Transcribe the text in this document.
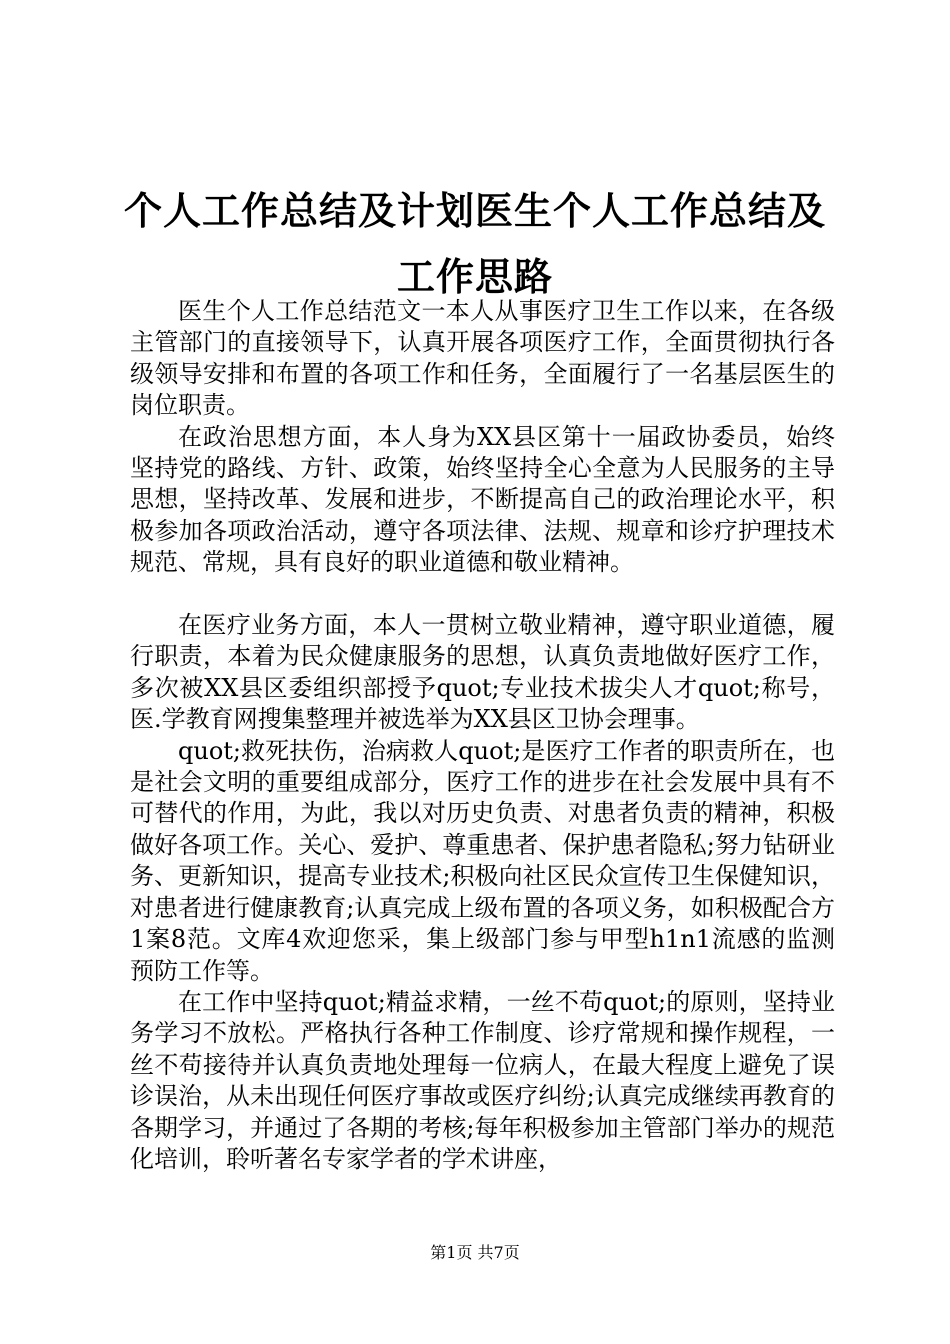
个人工作总结及计划医生个人工作总结及工作思路

医生个人工作总结范文一本人从事医疗卫生工作以来，在各级主管部门的直接领导下，认真开展各项医疗工作，全面贯彻执行各级领导安排和布置的各项工作和任务，全面履行了一名基层医生的岗位职责。

在政治思想方面，本人身为XX县区第十一届政协委员，始终坚持党的路线、方针、政策，始终坚持全心全意为人民服务的主导思想，坚持改革、发展和进步，不断提高自己的政治理论水平，积极参加各项政治活动，遵守各项法律、法规、规章和诊疗护理技术规范、常规，具有良好的职业道德和敬业精神。

在医疗业务方面，本人一贯树立敬业精神，遵守职业道德，履行职责，本着为民众健康服务的思想，认真负责地做好医疗工作，多次被XX县区委组织部授予quot;专业技术拔尖人才quot;称号，医.学教育网搜集整理并被选举为XX县区卫协会理事。

quot;救死扶伤，治病救人quot;是医疗工作者的职责所在，也是社会文明的重要组成部分，医疗工作的进步在社会发展中具有不可替代的作用，为此，我以对历史负责、对患者负责的精神，积极做好各项工作。关心、爱护、尊重患者、保护患者隐私;努力钻研业务、更新知识，提高专业技术;积极向社区民众宣传卫生保健知识，对患者进行健康教育;认真完成上级布置的各项义务，如积极配合方1案8范。文库4欢迎您采，集上级部门参与甲型h1n1流感的监测预防工作等。

在工作中坚持quot;精益求精，一丝不苟quot;的原则，坚持业务学习不放松。严格执行各种工作制度、诊疗常规和操作规程，一丝不苟接待并认真负责地处理每一位病人，在最大程度上避免了误诊误治，从未出现任何医疗事故或医疗纠纷;认真完成继续再教育的各期学习，并通过了各期的考核;每年积极参加主管部门举办的规范化培训，聆听著名专家学者的学术讲座，

第1页 共7页
